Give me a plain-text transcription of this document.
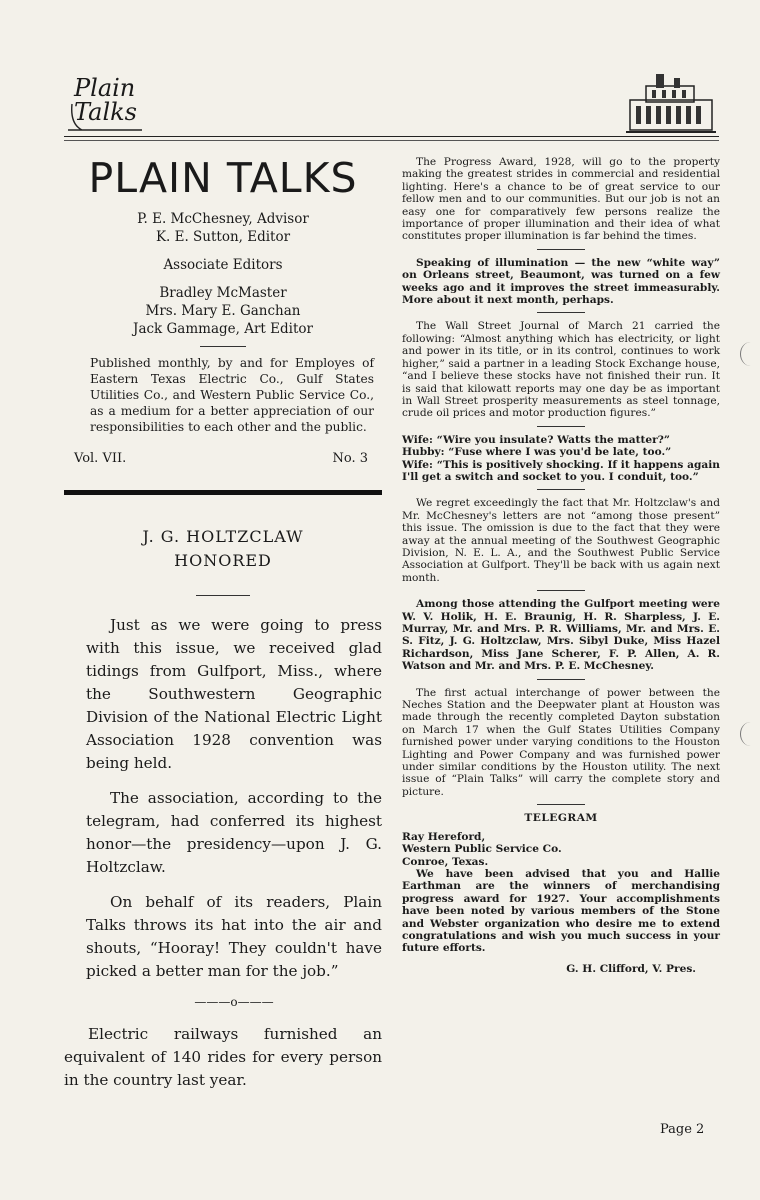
Plain
Talks
PLAIN TALKS
P. E. McChesney, Advisor
K. E. Sutton, Editor
Associate Editors
Bradley McMaster
Mrs. Mary E. Ganchan
Jack Gammage, Art Editor
Published monthly, by and for Employes of Eastern Texas Electric Co., Gulf States Utilities Co., and Western Public Service Co., as a medium for a better appreciation of our responsibilities to each other and the public.
Vol. VII.	No. 3
J. G. HOLTZCLAW
HONORED

Just as we were going to press with this issue, we received glad tidings from Gulfport, Miss., where the Southwestern Geographic Division of the National Electric Light Association 1928 convention was being held.

The association, according to the telegram, had conferred its highest honor—the presidency—upon J. G. Holtzclaw.

On behalf of its readers, Plain Talks throws its hat into the air and shouts, “Hooray! They couldn't have picked a better man for the job.”

———o———

Electric railways furnished an equivalent of 140 rides for every person in the country last year.

The Progress Award, 1928, will go to the property making the greatest strides in commercial and residential lighting. Here's a chance to be of great service to our fellow men and to our communities. But our job is not an easy one for comparatively few persons realize the importance of proper illumination and their idea of what constitutes proper illumination is far behind the times.

Speaking of illumination — the new “white way” on Orleans street, Beaumont, was turned on a few weeks ago and it improves the street immeasurably. More about it next month, perhaps.

The Wall Street Journal of March 21 carried the following: “Almost anything which has electricity, or light and power in its title, or in its control, continues to work higher,” said a partner in a leading Stock Exchange house, “and I believe these stocks have not finished their run. It is said that kilowatt reports may one day be as important in Wall Street prosperity measurements as steel tonnage, crude oil prices and motor production figures.”

Wife: “Wire you insulate? Watts the matter?”

Hubby: “Fuse where I was you'd be late, too.”

Wife: “This is positively shocking. If it happens again I'll get a switch and socket to you. I conduit, too.”

We regret exceedingly the fact that Mr. Holtzclaw's and Mr. McChesney's letters are not “among those present” this issue. The omission is due to the fact that they were away at the annual meeting of the Southwest Geographic Division, N. E. L. A., and the Southwest Public Service Association at Gulfport. They'll be back with us again next month.

Among those attending the Gulfport meeting were W. V. Holik, H. E. Braunig, H. R. Sharpless, J. E. Murray, Mr. and Mrs. P. R. Williams, Mr. and Mrs. E. S. Fitz, J. G. Holtzclaw, Mrs. Sibyl Duke, Miss Hazel Richardson, Miss Jane Scherer, F. P. Allen, A. R. Watson and Mr. and Mrs. P. E. McChesney.

The first actual interchange of power between the Neches Station and the Deepwater plant at Houston was made through the recently completed Dayton substation on March 17 when the Gulf States Utilities Company furnished power under varying conditions to the Houston Lighting and Power Company and was furnished power under similar conditions by the Houston utility. The next issue of “Plain Talks” will carry the complete story and picture.

TELEGRAM
Ray Hereford,
Western Public Service Co.
Conroe, Texas.

We have been advised that you and Hallie Earthman are the winners of merchandising progress award for 1927. Your accomplishments have been noted by various members of the Stone and Webster organization who desire me to extend congratulations and wish you much success in your future efforts.

G. H. Clifford, V. Pres.
Page 2
